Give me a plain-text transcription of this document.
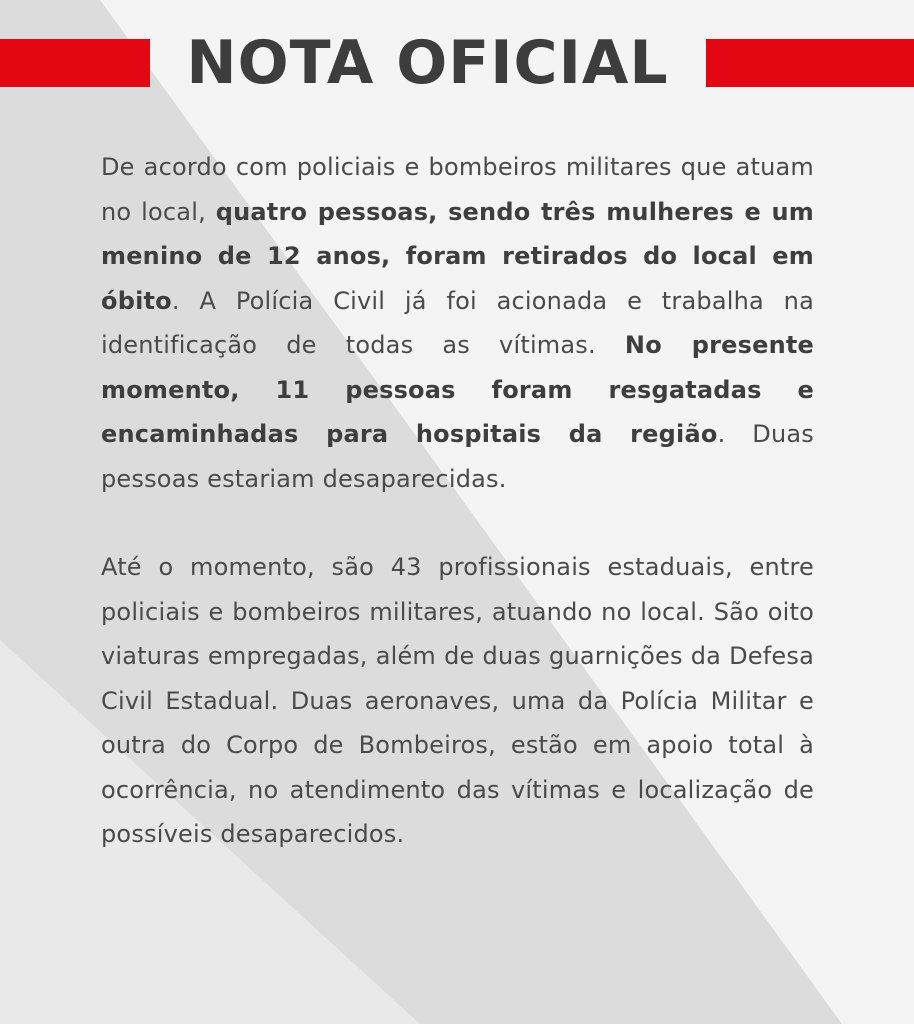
NOTA OFICIAL

De acordo com policiais e bombeiros militares que atuam no local, quatro pessoas, sendo três mulheres e um menino de 12 anos, foram retirados do local em óbito. A Polícia Civil já foi acionada e trabalha na identificação de todas as vítimas. No presente momento, 11 pessoas foram resgatadas e encaminhadas para hospitais da região. Duas pessoas estariam desaparecidas.

Até o momento, são 43 profissionais estaduais, entre policiais e bombeiros militares, atuando no local. São oito viaturas empregadas, além de duas guarnições da Defesa Civil Estadual. Duas aeronaves, uma da Polícia Militar e outra do Corpo de Bombeiros, estão em apoio total à ocorrência, no atendimento das vítimas e localização de possíveis desaparecidos.
